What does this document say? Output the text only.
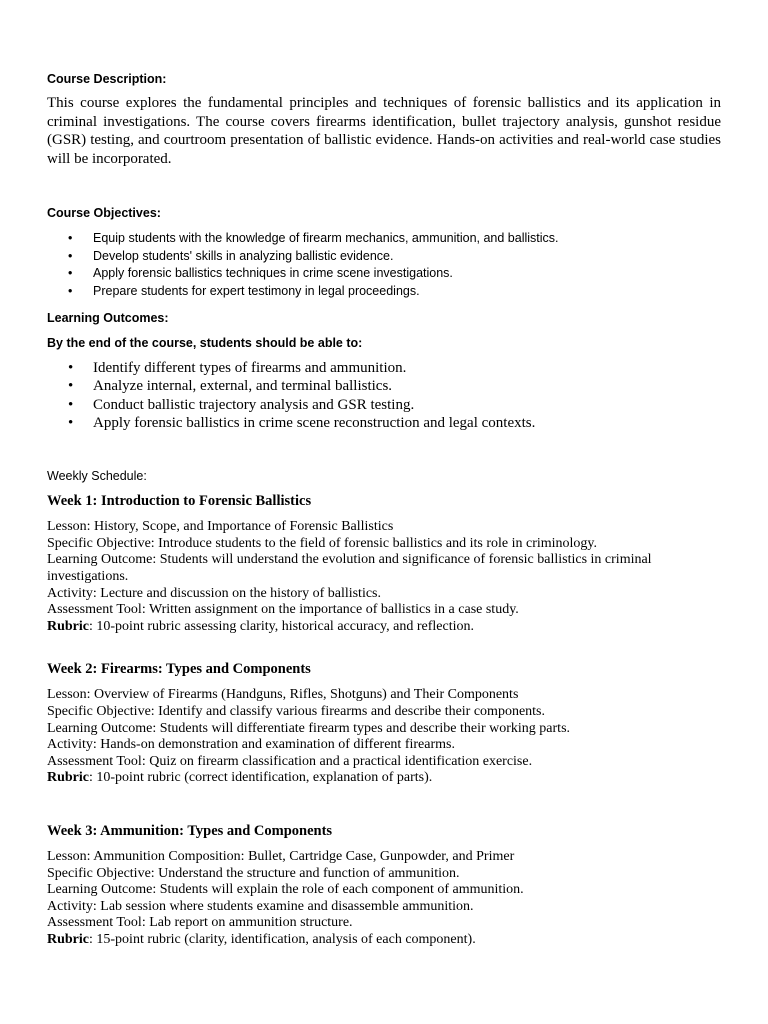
Course Description:

This course explores the fundamental principles and techniques of forensic ballistics and its application in criminal investigations. The course covers firearms identification, bullet trajectory analysis, gunshot residue (GSR) testing, and courtroom presentation of ballistic evidence. Hands-on activities and real-world case studies will be incorporated.

Course Objectives:

• Equip students with the knowledge of firearm mechanics, ammunition, and ballistics.
• Develop students' skills in analyzing ballistic evidence.
• Apply forensic ballistics techniques in crime scene investigations.
• Prepare students for expert testimony in legal proceedings.

Learning Outcomes:

By the end of the course, students should be able to:

• Identify different types of firearms and ammunition.
• Analyze internal, external, and terminal ballistics.
• Conduct ballistic trajectory analysis and GSR testing.
• Apply forensic ballistics in crime scene reconstruction and legal contexts.

Weekly Schedule:

Week 1: Introduction to Forensic Ballistics

Lesson: History, Scope, and Importance of Forensic Ballistics
Specific Objective: Introduce students to the field of forensic ballistics and its role in criminology.
Learning Outcome: Students will understand the evolution and significance of forensic ballistics in criminal
investigations.
Activity: Lecture and discussion on the history of ballistics.
Assessment Tool: Written assignment on the importance of ballistics in a case study.
Rubric: 10-point rubric assessing clarity, historical accuracy, and reflection.

Week 2: Firearms: Types and Components

Lesson: Overview of Firearms (Handguns, Rifles, Shotguns) and Their Components
Specific Objective: Identify and classify various firearms and describe their components.
Learning Outcome: Students will differentiate firearm types and describe their working parts.
Activity: Hands-on demonstration and examination of different firearms.
Assessment Tool: Quiz on firearm classification and a practical identification exercise.
Rubric: 10-point rubric (correct identification, explanation of parts).

Week 3: Ammunition: Types and Components

Lesson: Ammunition Composition: Bullet, Cartridge Case, Gunpowder, and Primer
Specific Objective: Understand the structure and function of ammunition.
Learning Outcome: Students will explain the role of each component of ammunition.
Activity: Lab session where students examine and disassemble ammunition.
Assessment Tool: Lab report on ammunition structure.
Rubric: 15-point rubric (clarity, identification, analysis of each component).
